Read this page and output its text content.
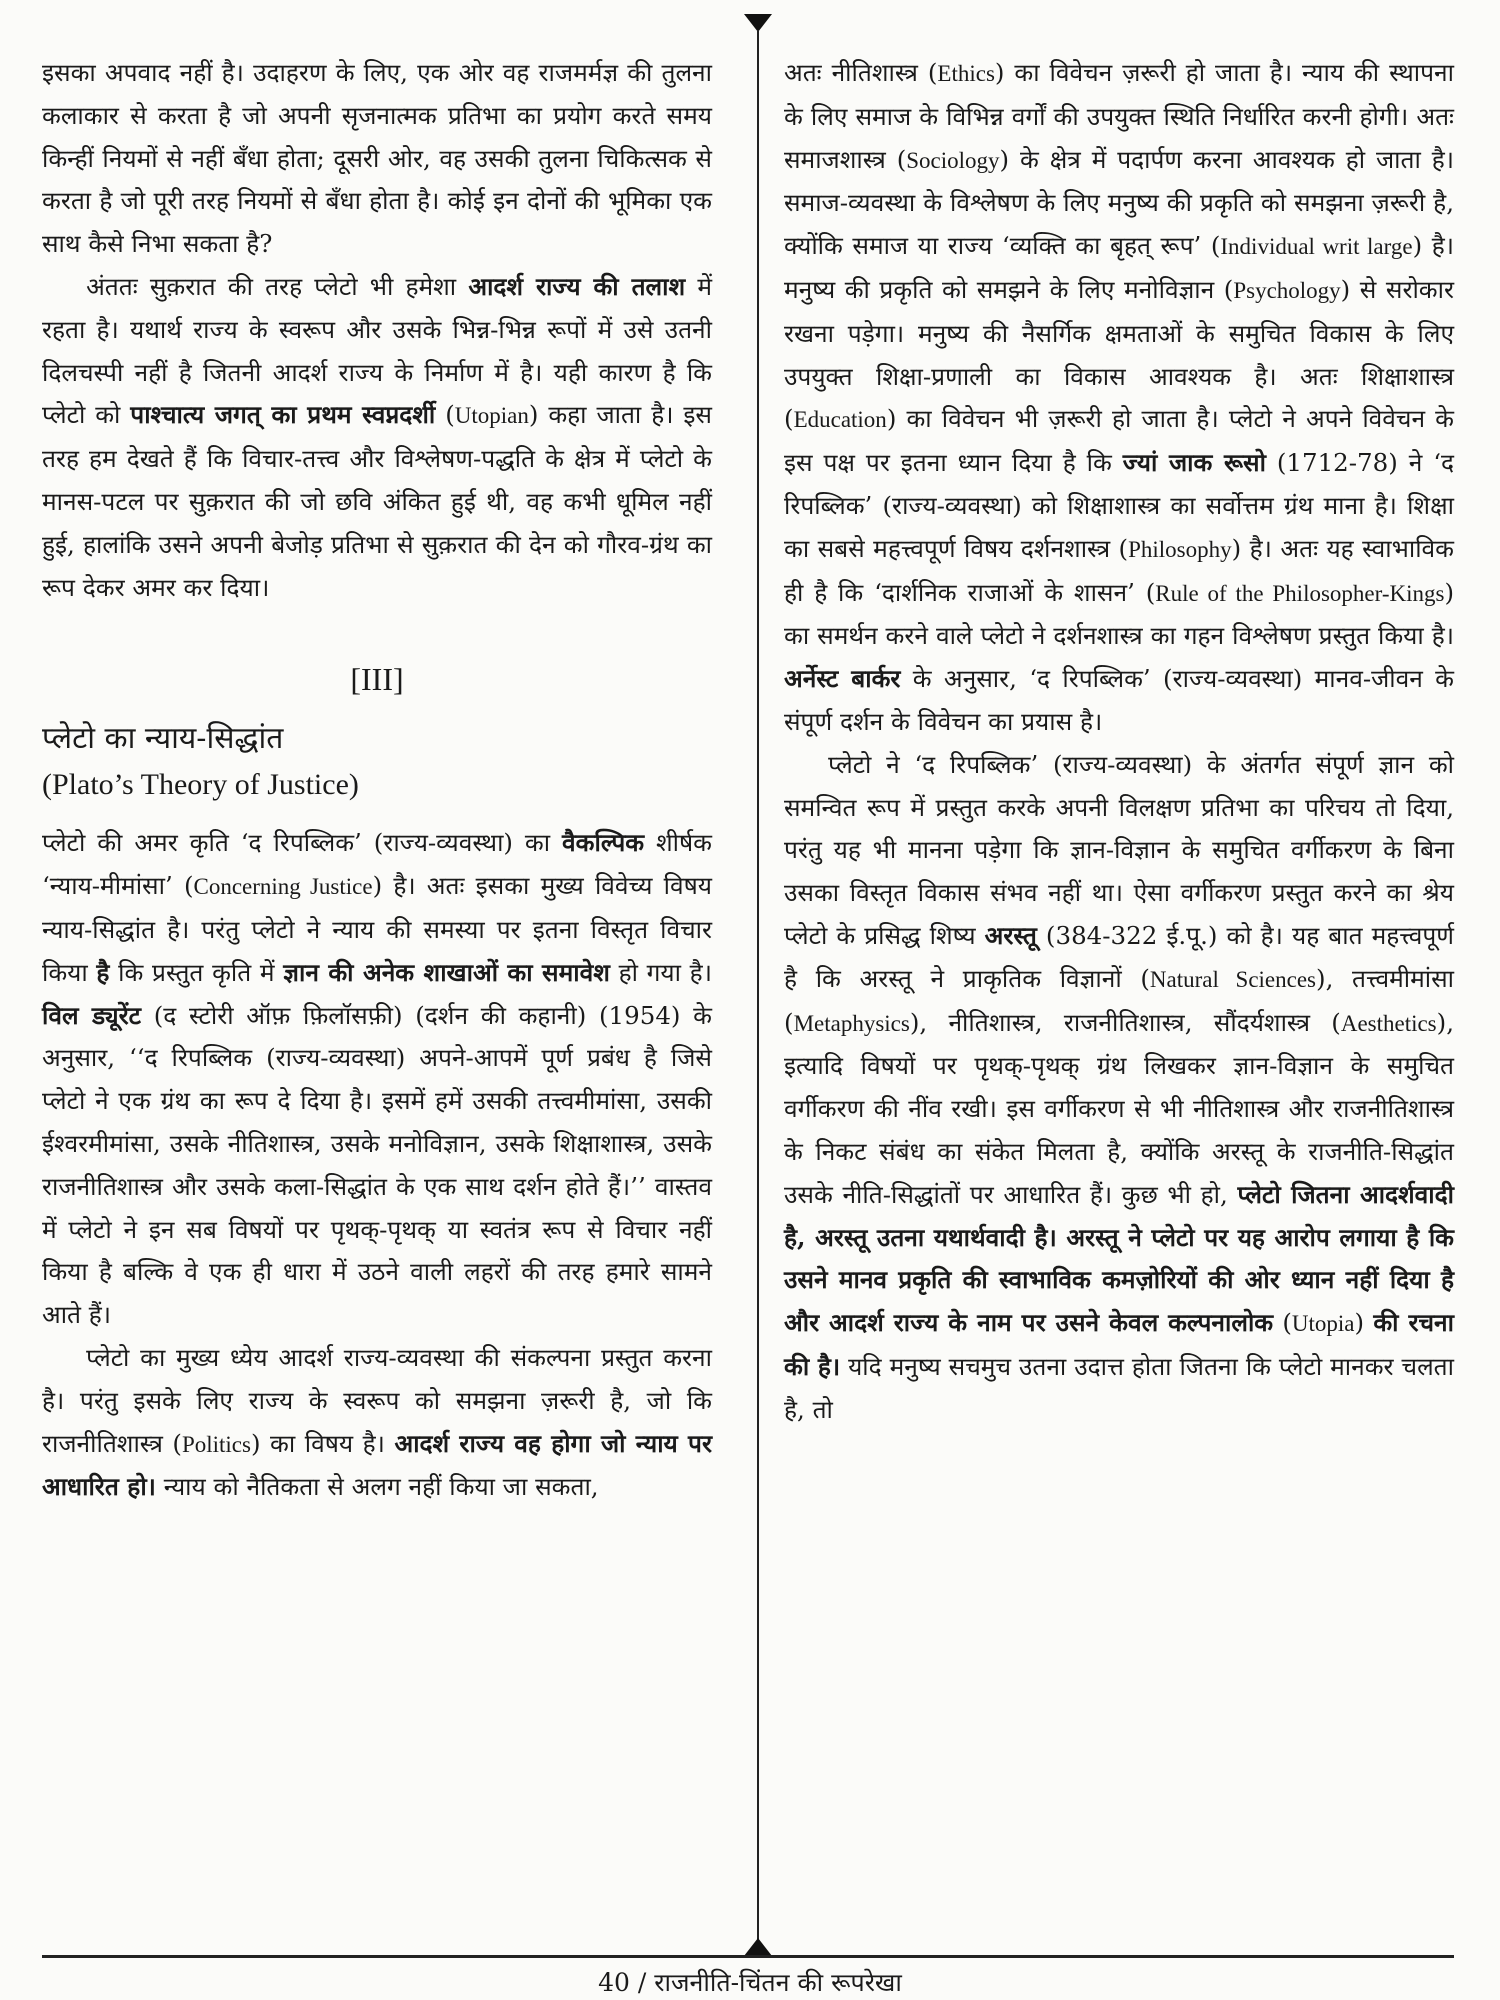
इसका अपवाद नहीं है। उदाहरण के लिए, एक ओर वह राजमर्मज्ञ की तुलना कलाकार से करता है जो अपनी सृजनात्मक प्रतिभा का प्रयोग करते समय किन्हीं नियमों से नहीं बँधा होता; दूसरी ओर, वह उसकी तुलना चिकित्सक से करता है जो पूरी तरह नियमों से बँधा होता है। कोई इन दोनों की भूमिका एक साथ कैसे निभा सकता है?

अंततः सुक़रात की तरह प्लेटो भी हमेशा आदर्श राज्य की तलाश में रहता है। यथार्थ राज्य के स्वरूप और उसके भिन्न-भिन्न रूपों में उसे उतनी दिलचस्पी नहीं है जितनी आदर्श राज्य के निर्माण में है। यही कारण है कि प्लेटो को पाश्चात्य जगत् का प्रथम स्वप्नदर्शी (Utopian) कहा जाता है। इस तरह हम देखते हैं कि विचार-तत्त्व और विश्लेषण-पद्धति के क्षेत्र में प्लेटो के मानस-पटल पर सुक़रात की जो छवि अंकित हुई थी, वह कभी धूमिल नहीं हुई, हालांकि उसने अपनी बेजोड़ प्रतिभा से सुक़रात की देन को गौरव-ग्रंथ का रूप देकर अमर कर दिया।

[III]
प्लेटो का न्याय-सिद्धांत
(Plato’s Theory of Justice)

प्लेटो की अमर कृति ‘द रिपब्लिक’ (राज्य-व्यवस्था) का वैकल्पिक शीर्षक ‘न्याय-मीमांसा’ (Concerning Justice) है। अतः इसका मुख्य विवेच्य विषय न्याय-सिद्धांत है। परंतु प्लेटो ने न्याय की समस्या पर इतना विस्तृत विचार किया है कि प्रस्तुत कृति में ज्ञान की अनेक शाखाओं का समावेश हो गया है। विल ड्यूरेंट (द स्टोरी ऑफ़ फ़िलॉसफ़ी) (दर्शन की कहानी) (1954) के अनुसार, ‘‘द रिपब्लिक (राज्य-व्यवस्था) अपने-आपमें पूर्ण प्रबंध है जिसे प्लेटो ने एक ग्रंथ का रूप दे दिया है। इसमें हमें उसकी तत्त्वमीमांसा, उसकी ईश्वरमीमांसा, उसके नीतिशास्त्र, उसके मनोविज्ञान, उसके शिक्षाशास्त्र, उसके राजनीतिशास्त्र और उसके कला-सिद्धांत के एक साथ दर्शन होते हैं।’’ वास्तव में प्लेटो ने इन सब विषयों पर पृथक्-पृथक् या स्वतंत्र रूप से विचार नहीं किया है बल्कि वे एक ही धारा में उठने वाली लहरों की तरह हमारे सामने आते हैं।

प्लेटो का मुख्य ध्येय आदर्श राज्य-व्यवस्था की संकल्पना प्रस्तुत करना है। परंतु इसके लिए राज्य के स्वरूप को समझना ज़रूरी है, जो कि राजनीतिशास्त्र (Politics) का विषय है। आदर्श राज्य वह होगा जो न्याय पर आधारित हो। न्याय को नैतिकता से अलग नहीं किया जा सकता,

अतः नीतिशास्त्र (Ethics) का विवेचन ज़रूरी हो जाता है। न्याय की स्थापना के लिए समाज के विभिन्न वर्गों की उपयुक्त स्थिति निर्धारित करनी होगी। अतः समाजशास्त्र (Sociology) के क्षेत्र में पदार्पण करना आवश्यक हो जाता है। समाज-व्यवस्था के विश्लेषण के लिए मनुष्य की प्रकृति को समझना ज़रूरी है, क्योंकि समाज या राज्य ‘व्यक्ति का बृहत् रूप’ (Individual writ large) है। मनुष्य की प्रकृति को समझने के लिए मनोविज्ञान (Psychology) से सरोकार रखना पड़ेगा। मनुष्य की नैसर्गिक क्षमताओं के समुचित विकास के लिए उपयुक्त शिक्षा-प्रणाली का विकास आवश्यक है। अतः शिक्षाशास्त्र (Education) का विवेचन भी ज़रूरी हो जाता है। प्लेटो ने अपने विवेचन के इस पक्ष पर इतना ध्यान दिया है कि ज्यां जाक रूसो (1712-78) ने ‘द रिपब्लिक’ (राज्य-व्यवस्था) को शिक्षाशास्त्र का सर्वोत्तम ग्रंथ माना है। शिक्षा का सबसे महत्त्वपूर्ण विषय दर्शनशास्त्र (Philosophy) है। अतः यह स्वाभाविक ही है कि ‘दार्शनिक राजाओं के शासन’ (Rule of the Philosopher-Kings) का समर्थन करने वाले प्लेटो ने दर्शनशास्त्र का गहन विश्लेषण प्रस्तुत किया है। अर्नेस्ट बार्कर के अनुसार, ‘द रिपब्लिक’ (राज्य-व्यवस्था) मानव-जीवन के संपूर्ण दर्शन के विवेचन का प्रयास है।

प्लेटो ने ‘द रिपब्लिक’ (राज्य-व्यवस्था) के अंतर्गत संपूर्ण ज्ञान को समन्वित रूप में प्रस्तुत करके अपनी विलक्षण प्रतिभा का परिचय तो दिया, परंतु यह भी मानना पड़ेगा कि ज्ञान-विज्ञान के समुचित वर्गीकरण के बिना उसका विस्तृत विकास संभव नहीं था। ऐसा वर्गीकरण प्रस्तुत करने का श्रेय प्लेटो के प्रसिद्ध शिष्य अरस्तू (384-322 ई.पू.) को है। यह बात महत्त्वपूर्ण है कि अरस्तू ने प्राकृतिक विज्ञानों (Natural Sciences), तत्त्वमीमांसा (Metaphysics), नीतिशास्त्र, राजनीतिशास्त्र, सौंदर्यशास्त्र (Aesthetics), इत्यादि विषयों पर पृथक्-पृथक् ग्रंथ लिखकर ज्ञान-विज्ञान के समुचित वर्गीकरण की नींव रखी। इस वर्गीकरण से भी नीतिशास्त्र और राजनीतिशास्त्र के निकट संबंध का संकेत मिलता है, क्योंकि अरस्तू के राजनीति-सिद्धांत उसके नीति-सिद्धांतों पर आधारित हैं। कुछ भी हो, प्लेटो जितना आदर्शवादी है, अरस्तू उतना यथार्थवादी है। अरस्तू ने प्लेटो पर यह आरोप लगाया है कि उसने मानव प्रकृति की स्वाभाविक कमज़ोरियों की ओर ध्यान नहीं दिया है और आदर्श राज्य के नाम पर उसने केवल कल्पनालोक (Utopia) की रचना की है। यदि मनुष्य सचमुच उतना उदात्त होता जितना कि प्लेटो मानकर चलता है, तो

40 / राजनीति-चिंतन की रूपरेखा
